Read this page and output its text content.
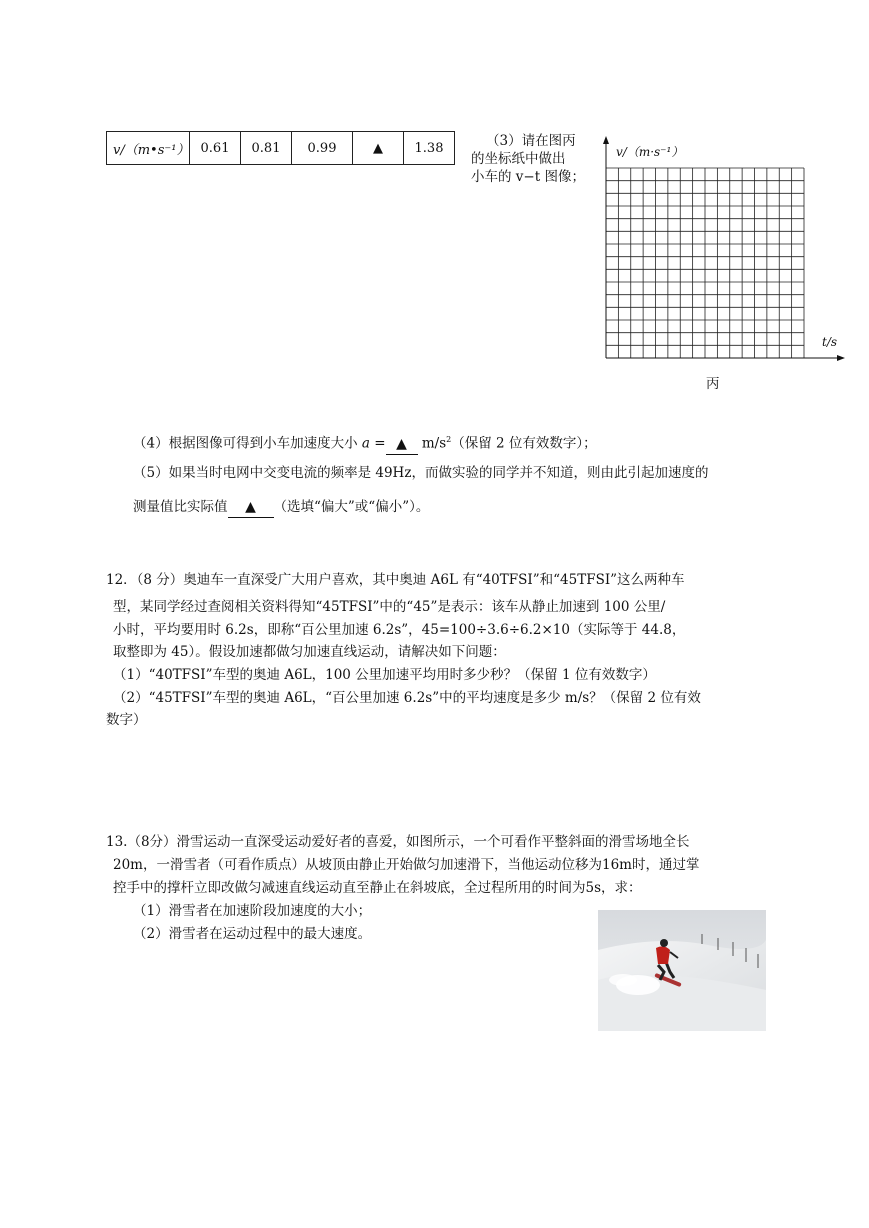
v/（m•s⁻¹）	0.61	0.81	0.99	▲	1.38	（3）请在图丙
的坐标纸中做出
小车的 v−t 图像；
v/（m·s⁻¹）
t/s
丙
（4）根据图像可得到小车加速度大小 a = ▲ $m/s^2$（保留 2 位有效数字）；
（5）如果当时电网中交变电流的频率是 49Hz，而做实验的同学并不知道，则由此引起加速度的
测量值比实际值 ▲ （选填“偏大”或“偏小”）。
12．（8 分）奥迪车一直深受广大用户喜欢，其中奥迪 A6L 有“40TFSI”和“45TFSI”这么两种车
型，某同学经过查阅相关资料得知“45TFSI”中的“45”是表示：该车从静止加速到 100 公里/
小时，平均要用时 6.2s，即称“百公里加速 6.2s”，45=100÷3.6÷6.2×10（实际等于 44.8，
取整即为 45）。假设加速都做匀加速直线运动，请解决如下问题：
（1）“40TFSI”车型的奥迪 A6L，100 公里加速平均用时多少秒？（保留 1 位有效数字）
（2）“45TFSI”车型的奥迪 A6L，“百公里加速 6.2s”中的平均速度是多少 m/s？（保留 2 位有效
数字）
13.（8分）滑雪运动一直深受运动爱好者的喜爱，如图所示，一个可看作平整斜面的滑雪场地全长
20m，一滑雪者（可看作质点）从坡顶由静止开始做匀加速滑下，当他运动位移为16m时，通过掌
控手中的撑杆立即改做匀减速直线运动直至静止在斜坡底，全过程所用的时间为5s，求：
（1）滑雪者在加速阶段加速度的大小；
（2）滑雪者在运动过程中的最大速度。
